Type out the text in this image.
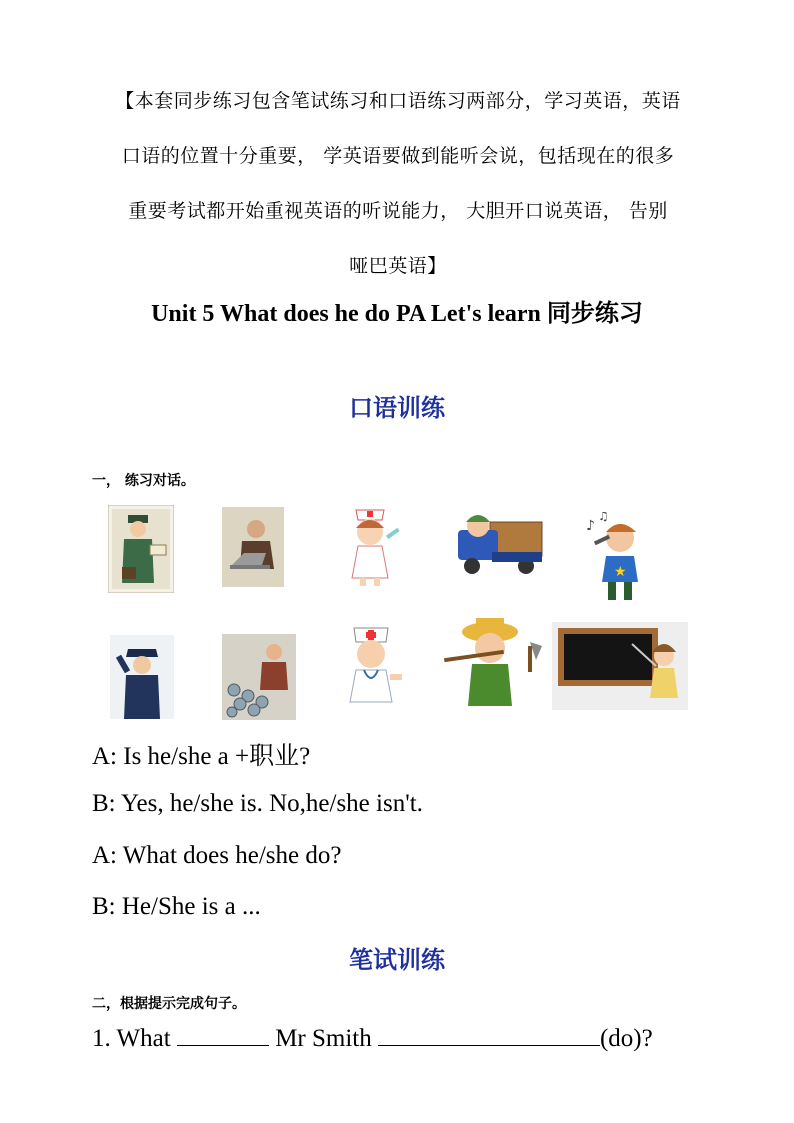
【本套同步练习包含笔试练习和口语练习两部分，学习英语，英语
口语的位置十分重要， 学英语要做到能听会说，包括现在的很多
重要考试都开始重视英语的听说能力， 大胆开口说英语， 告别
哑巴英语】
Unit 5 What does he do PA Let's learn 同步练习
口语训练
一， 练习对话。
♪
♫
★
A: Is he/she a +职业?
B: Yes, he/she is. No,he/she isn't.
A: What does he/she do?
B: He/She is a ...
笔试训练
二，根据提示完成句子。
1. What	Mr Smith	(do)?
